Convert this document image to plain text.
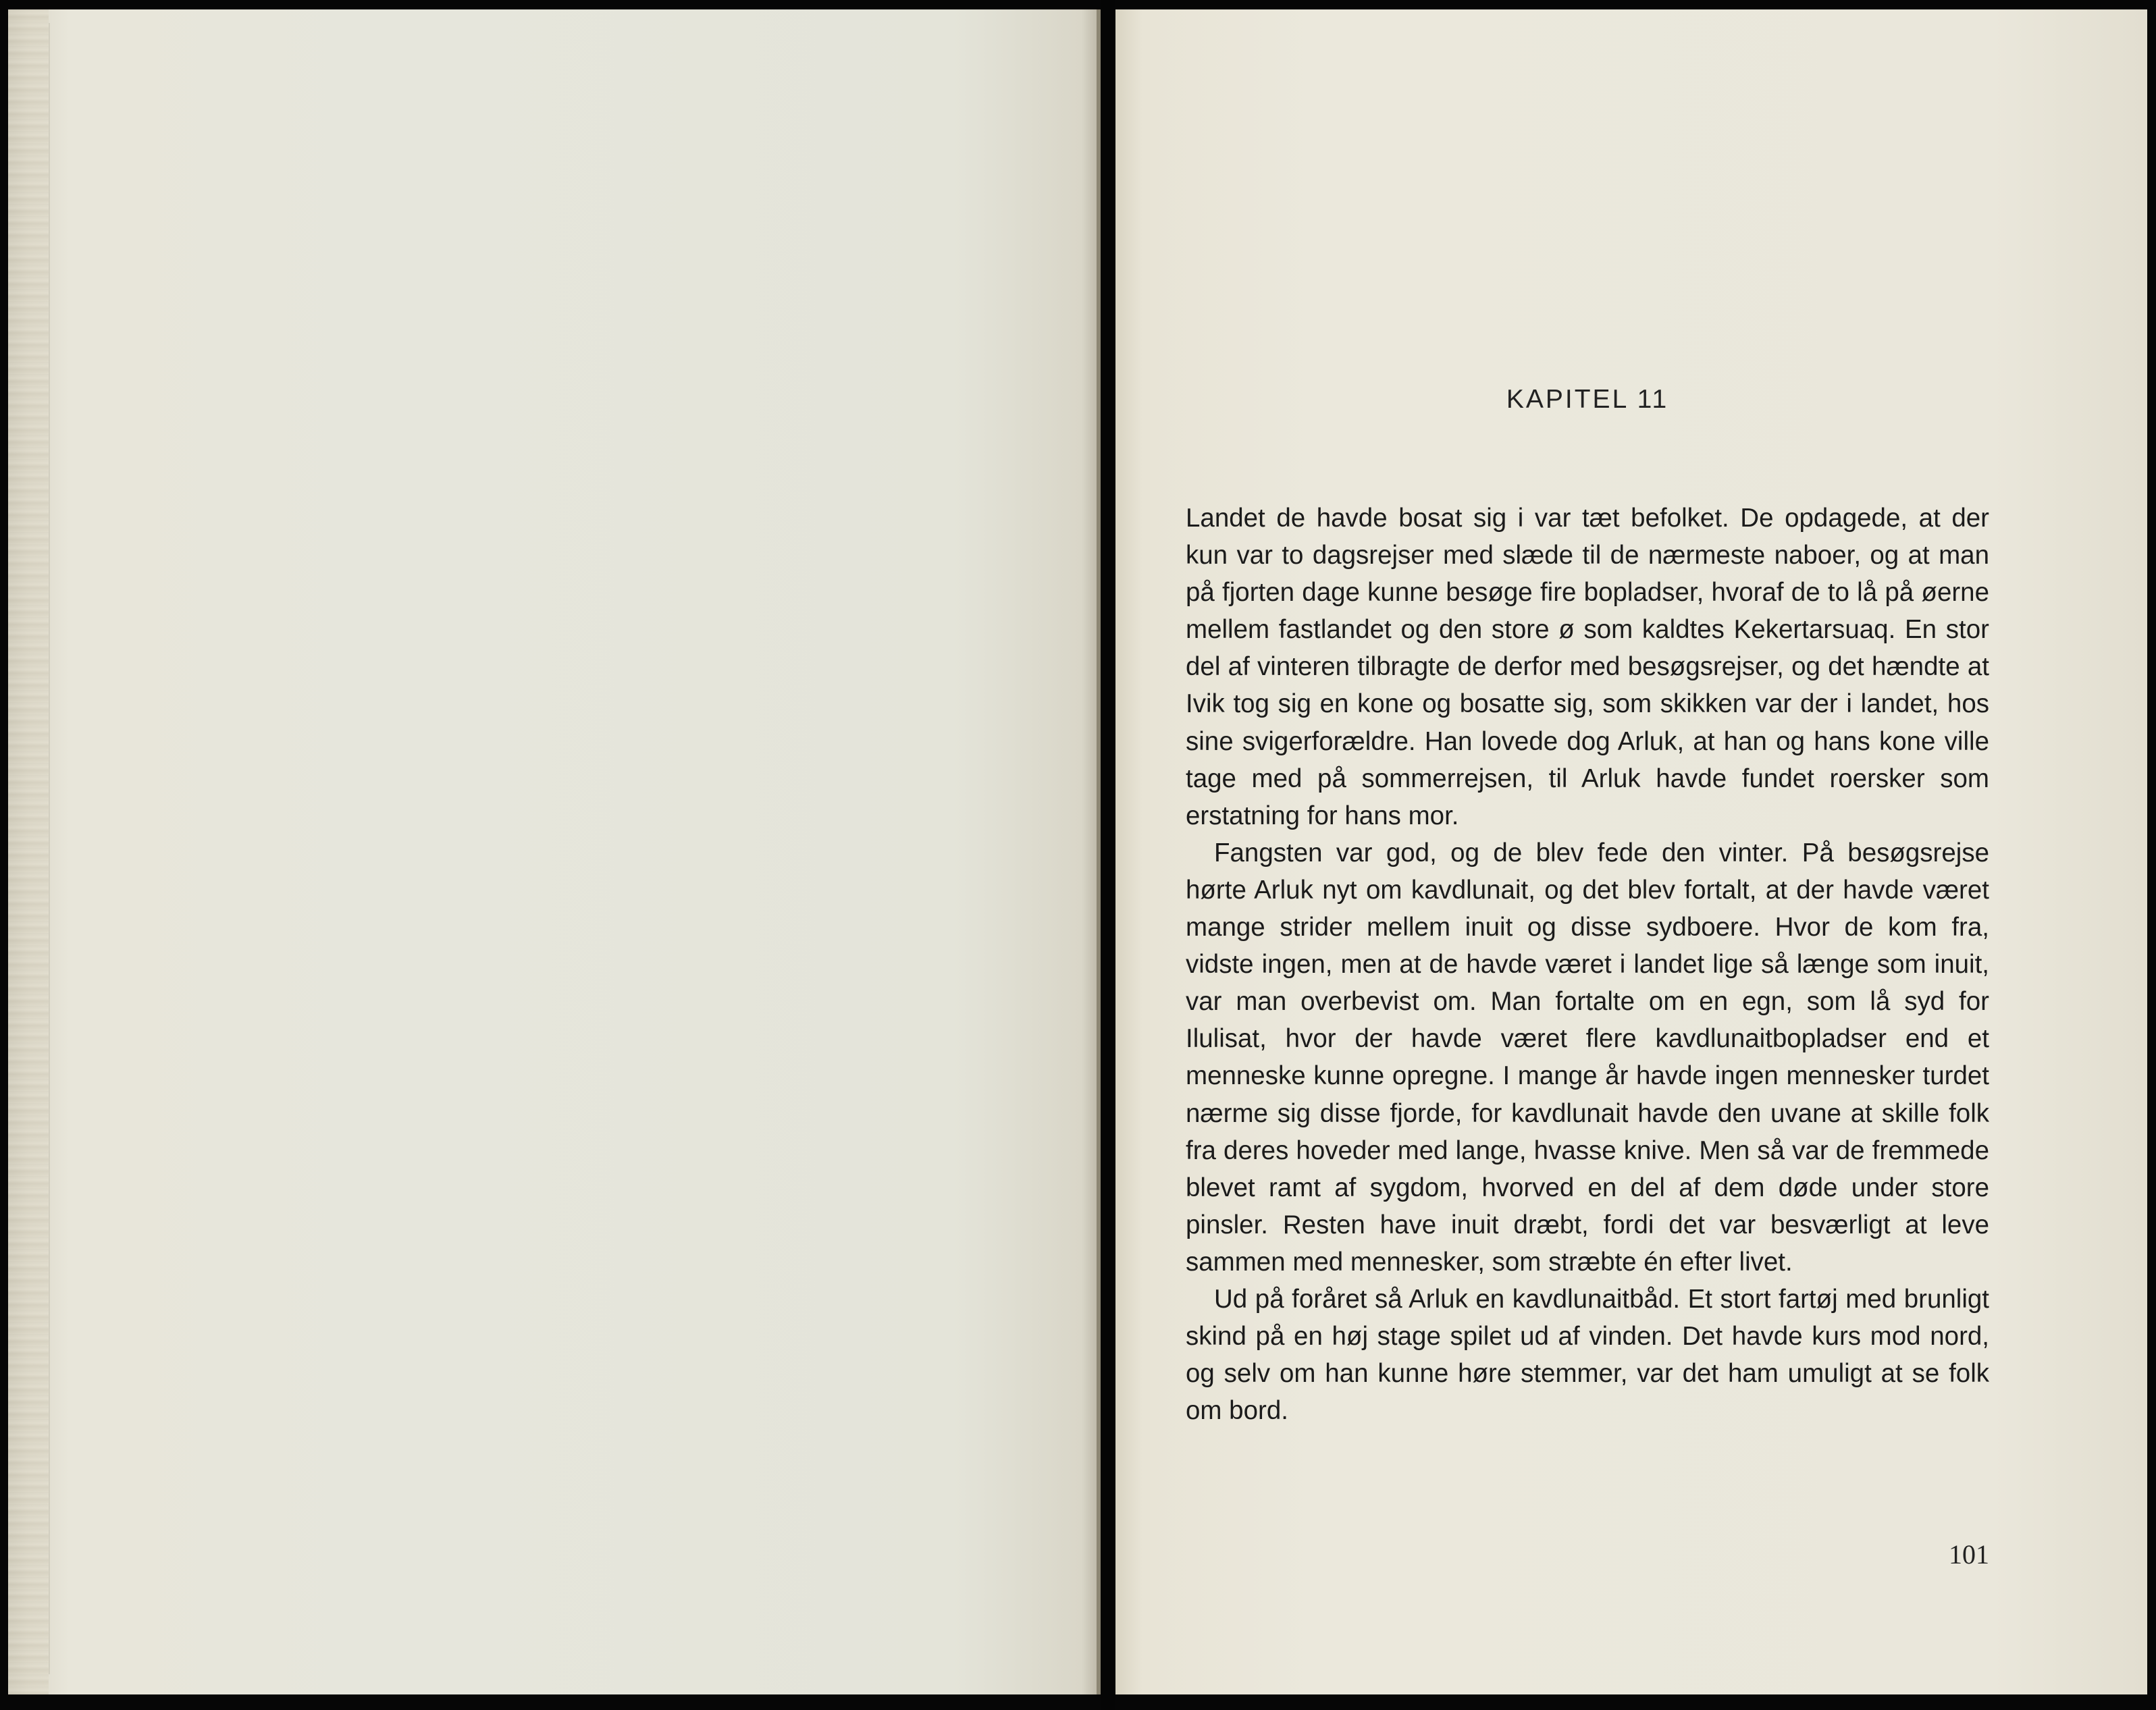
KAPITEL 11

Landet de havde bosat sig i var tæt befolket. De opdagede, at der kun var to dagsrejser med slæde til de nærmeste naboer, og at man på fjorten dage kunne besøge fire bopladser, hvoraf de to lå på øerne mellem fastlandet og den store ø som kaldtes Kekertarsuaq. En stor del af vinteren tilbragte de derfor med besøgsrejser, og det hændte at Ivik tog sig en kone og bosatte sig, som skikken var der i landet, hos sine svigerforældre. Han lovede dog Arluk, at han og hans kone ville tage med på sommerrejsen, til Arluk havde fundet roersker som erstatning for hans mor.

Fangsten var god, og de blev fede den vinter. På besøgsrejse hørte Arluk nyt om kavdlunait, og det blev fortalt, at der havde været mange strider mellem inuit og disse sydboere. Hvor de kom fra, vidste ingen, men at de havde været i landet lige så længe som inuit, var man overbevist om. Man fortalte om en egn, som lå syd for Ilulisat, hvor der havde været flere kavdlunaitbopladser end et menneske kunne opregne. I mange år havde ingen mennesker turdet nærme sig disse fjorde, for kavdlunait havde den uvane at skille folk fra deres hoveder med lange, hvasse knive. Men så var de fremmede blevet ramt af sygdom, hvorved en del af dem døde under store pinsler. Resten have inuit dræbt, fordi det var besværligt at leve sammen med mennesker, som stræbte én efter livet.

Ud på foråret så Arluk en kavdlunaitbåd. Et stort fartøj med brunligt skind på en høj stage spilet ud af vinden. Det havde kurs mod nord, og selv om han kunne høre stemmer, var det ham umuligt at se folk om bord.

101
